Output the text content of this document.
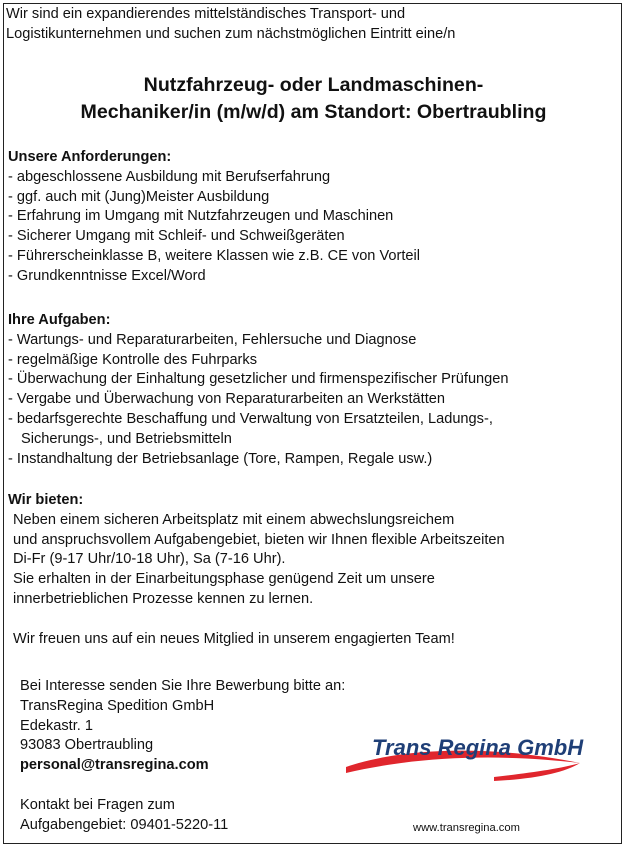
Wir sind ein expandierendes mittelständisches Transport- und
Logistikunternehmen und suchen zum nächstmöglichen Eintritt eine/n
Nutzfahrzeug- oder Landmaschinen-
Mechaniker/in (m/w/d) am Standort: Obertraubling
Unsere Anforderungen:
- abgeschlossene Ausbildung mit Berufserfahrung
- ggf. auch mit (Jung)Meister Ausbildung
- Erfahrung im Umgang mit Nutzfahrzeugen und Maschinen
- Sicherer Umgang mit Schleif- und Schweißgeräten
- Führerscheinklasse B, weitere Klassen wie z.B. CE von Vorteil
- Grundkenntnisse Excel/Word
Ihre Aufgaben:
- Wartungs- und Reparaturarbeiten, Fehlersuche und Diagnose
- regelmäßige Kontrolle des Fuhrparks
- Überwachung der Einhaltung gesetzlicher und firmenspezifischer Prüfungen
- Vergabe und Überwachung von Reparaturarbeiten an Werkstätten
- bedarfsgerechte Beschaffung und Verwaltung von Ersatzteilen, Ladungs-,
Sicherungs-, und Betriebsmitteln
- Instandhaltung der Betriebsanlage (Tore, Rampen, Regale usw.)
Wir bieten:
Neben einem sicheren Arbeitsplatz mit einem abwechslungsreichem
und anspruchsvollem Aufgabengebiet, bieten wir Ihnen flexible Arbeitszeiten
Di-Fr (9-17 Uhr/10-18 Uhr), Sa (7-16 Uhr).
Sie erhalten in der Einarbeitungsphase genügend Zeit um unsere
innerbetrieblichen Prozesse kennen zu lernen.
Wir freuen uns auf ein neues Mitglied in unserem engagierten Team!
Bei Interesse senden Sie Ihre Bewerbung bitte an:
TransRegina Spedition GmbH
Edekastr. 1
93083 Obertraubling
personal@transregina.com
Kontakt bei Fragen zum
Aufgabengebiet: 09401-5220-11
Trans Regina GmbH
www.transregina.com
